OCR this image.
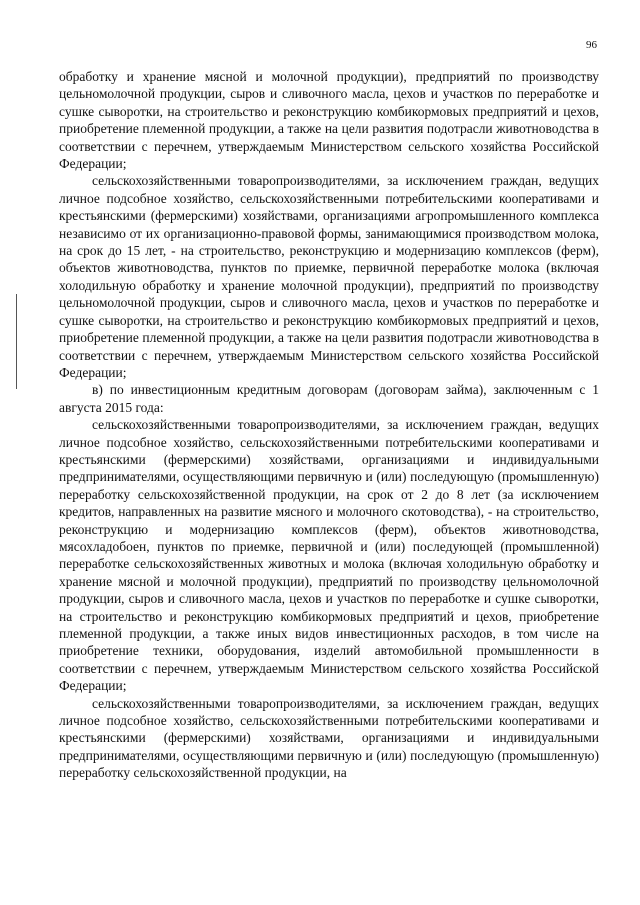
96

обработку и хранение мясной и молочной продукции), предприятий по производству цельномолочной продукции, сыров и сливочного масла, цехов и участков по переработке и сушке сыворотки, на строительство и реконструкцию комбикормовых предприятий и цехов, приобретение племенной продукции, а также на цели развития подотрасли животноводства в соответствии с перечнем, утверждаемым Министерством сельского хозяйства Российской Федерации;

сельскохозяйственными товаропроизводителями, за исключением граждан, ведущих личное подсобное хозяйство, сельскохозяйственными потребительскими кооперативами и крестьянскими (фермерскими) хозяйствами, организациями агропромышленного комплекса независимо от их организационно-правовой формы, занимающимися производством молока, на срок до 15 лет, - на строительство, реконструкцию и модернизацию комплексов (ферм), объектов животноводства, пунктов по приемке, первичной переработке молока (включая холодильную обработку и хранение молочной продукции), предприятий по производству цельномолочной продукции, сыров и сливочного масла, цехов и участков по переработке и сушке сыворотки, на строительство и реконструкцию комбикормовых предприятий и цехов, приобретение племенной продукции, а также на цели развития подотрасли животноводства в соответствии с перечнем, утверждаемым Министерством сельского хозяйства Российской Федерации;

в) по инвестиционным кредитным договорам (договорам займа), заключенным с 1 августа 2015 года:

сельскохозяйственными товаропроизводителями, за исключением граждан, ведущих личное подсобное хозяйство, сельскохозяйственными потребительскими кооперативами и крестьянскими (фермерскими) хозяйствами, организациями и индивидуальными предпринимателями, осуществляющими первичную и (или) последующую (промышленную) переработку сельскохозяйственной продукции, на срок от 2 до 8 лет (за исключением кредитов, направленных на развитие мясного и молочного скотоводства), - на строительство, реконструкцию и модернизацию комплексов (ферм), объектов животноводства, мясохладобоен, пунктов по приемке, первичной и (или) последующей (промышленной) переработке сельскохозяйственных животных и молока (включая холодильную обработку и хранение мясной и молочной продукции), предприятий по производству цельномолочной продукции, сыров и сливочного масла, цехов и участков по переработке и сушке сыворотки, на строительство и реконструкцию комбикормовых предприятий и цехов, приобретение племенной продукции, а также иных видов инвестиционных расходов, в том числе на приобретение техники, оборудования, изделий автомобильной промышленности в соответствии с перечнем, утверждаемым Министерством сельского хозяйства Российской Федерации;

сельскохозяйственными товаропроизводителями, за исключением граждан, ведущих личное подсобное хозяйство, сельскохозяйственными потребительскими кооперативами и крестьянскими (фермерскими) хозяйствами, организациями и индивидуальными предпринимателями, осуществляющими первичную и (или) последующую (промышленную) переработку сельскохозяйственной продукции, на
